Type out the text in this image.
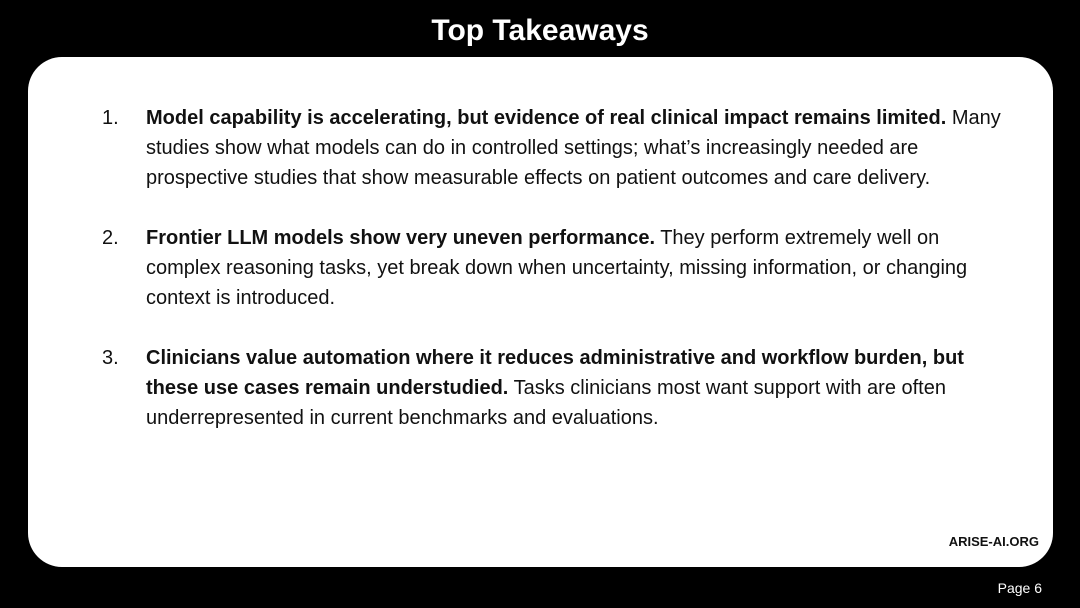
Top Takeaways
1. Model capability is accelerating, but evidence of real clinical impact remains limited. Many studies show what models can do in controlled settings; what’s increasingly needed are prospective studies that show measurable effects on patient outcomes and care delivery.
2. Frontier LLM models show very uneven performance. They perform extremely well on complex reasoning tasks, yet break down when uncertainty, missing information, or changing context is introduced.
3. Clinicians value automation where it reduces administrative and workflow burden, but these use cases remain understudied. Tasks clinicians most want support with are often underrepresented in current benchmarks and evaluations.
ARISE-AI.ORG
Page 6
